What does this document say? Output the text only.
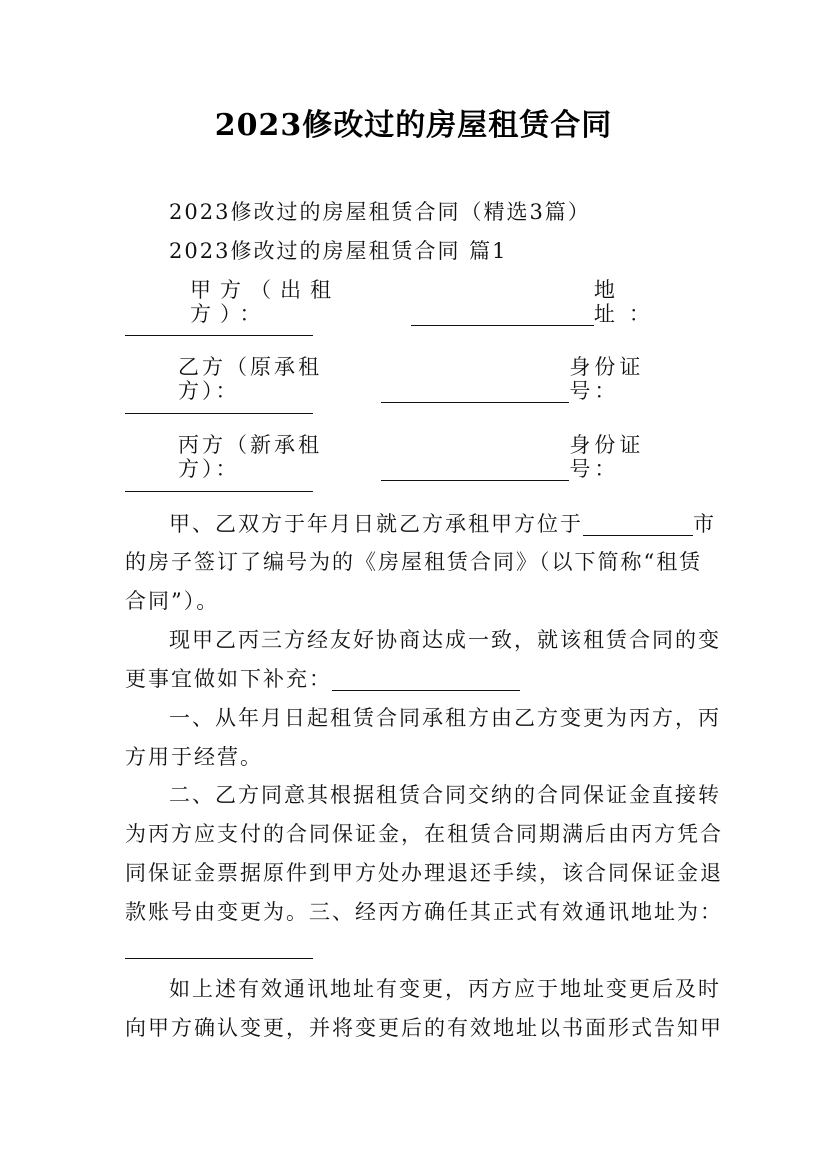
2023修改过的房屋租赁合同
2023修改过的房屋租赁合同（精选3篇）
2023修改过的房屋租赁合同 篇1
甲方（出租方）：
地址：
乙方（原承租方）：
身份证号：
丙方（新承租方）：
身份证号：
甲、乙双方于年月日就乙方承租甲方位于	市
的房子签订了编号为的《房屋租赁合同》（以下简称“租赁
合同”）。
现甲乙丙三方经友好协商达成一致，就该租赁合同的变
更事宜做如下补充：
一、从年月日起租赁合同承租方由乙方变更为丙方，丙
方用于经营。
二、乙方同意其根据租赁合同交纳的合同保证金直接转
为丙方应支付的合同保证金，在租赁合同期满后由丙方凭合
同保证金票据原件到甲方处办理退还手续，该合同保证金退
款账号由变更为。三、经丙方确任其正式有效通讯地址为：
如上述有效通讯地址有变更，丙方应于地址变更后及时
向甲方确认变更，并将变更后的有效地址以书面形式告知甲
